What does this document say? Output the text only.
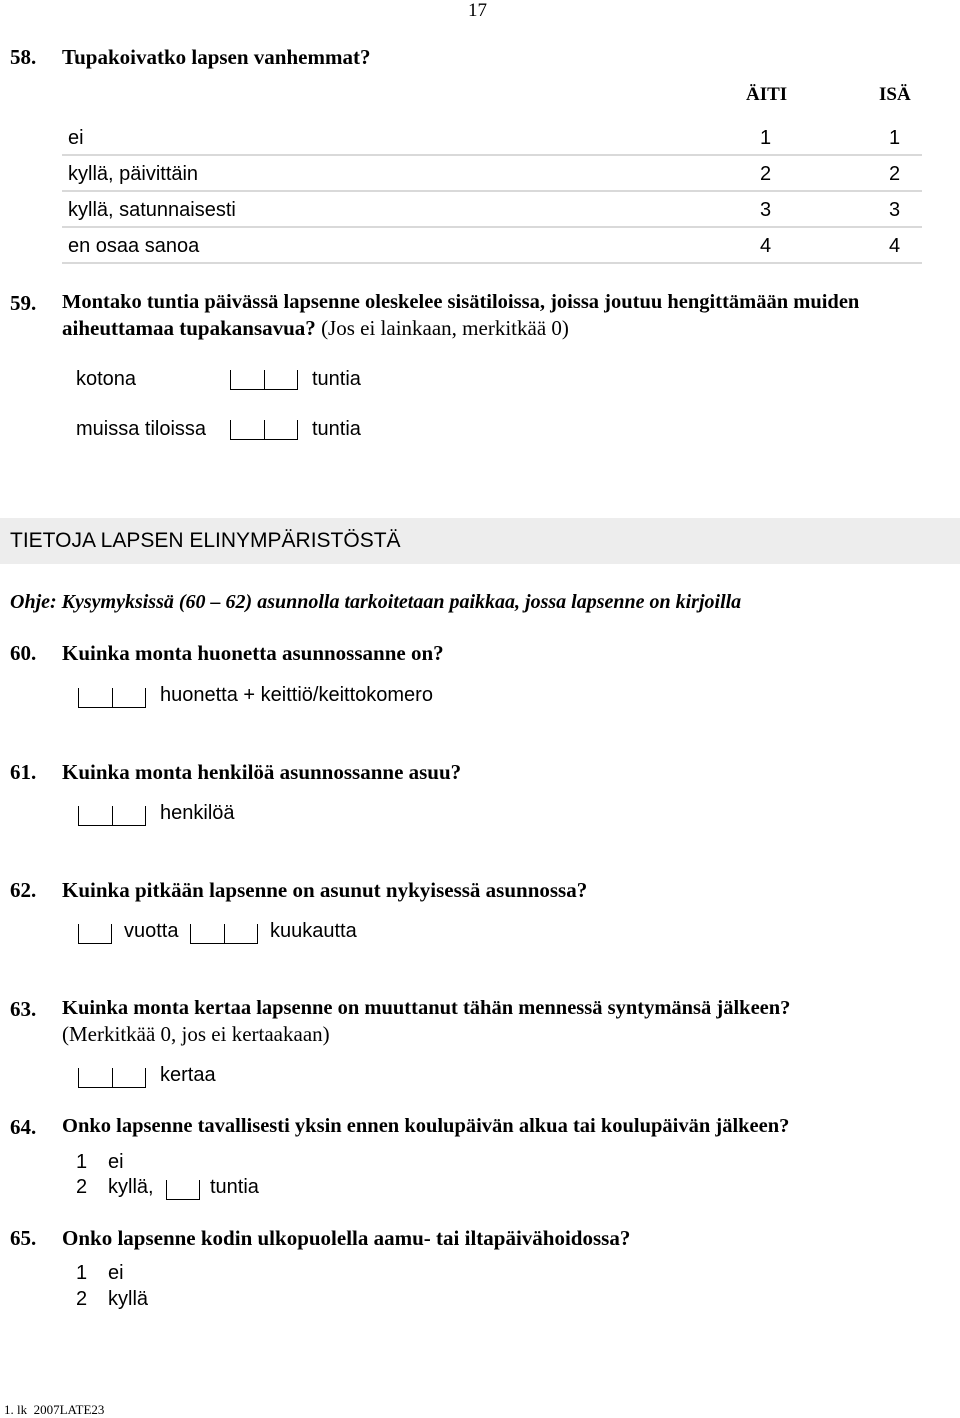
17
58. Tupakoivatko lapsen vanhemmat?
ÄITI	ISÄ
ei	1	1
kyllä, päivittäin	2	2
kyllä, satunnaisesti	3	3
en osaa sanoa	4	4
59. Montako tuntia päivässä lapsenne oleskelee sisätiloissa, joissa joutuu hengittämään muiden
aiheuttamaa tupakansavua? (Jos ei lainkaan, merkitkää 0)
kotona	tuntia
muissa tiloissa	tuntia
TIETOJA LAPSEN ELINYMPÄRISTÖSTÄ
Ohje: Kysymyksissä (60 – 62) asunnolla tarkoitetaan paikkaa, jossa lapsenne on kirjoilla
60. Kuinka monta huonetta asunnossanne on?
huonetta + keittiö/keittokomero
61. Kuinka monta henkilöä asunnossanne asuu?
henkilöä
62. Kuinka pitkään lapsenne on asunut nykyisessä asunnossa?
vuotta	kuukautta
63. Kuinka monta kertaa lapsenne on muuttanut tähän mennessä syntymänsä jälkeen?
(Merkitkää 0, jos ei kertaakaan)
kertaa
64. Onko lapsenne tavallisesti yksin ennen koulupäivän alkua tai koulupäivän jälkeen?
1 ei
2 kyllä,	tuntia
65. Onko lapsenne kodin ulkopuolella aamu- tai iltapäivähoidossa?
1 ei
2 kyllä
1. lk  2007LATE23
